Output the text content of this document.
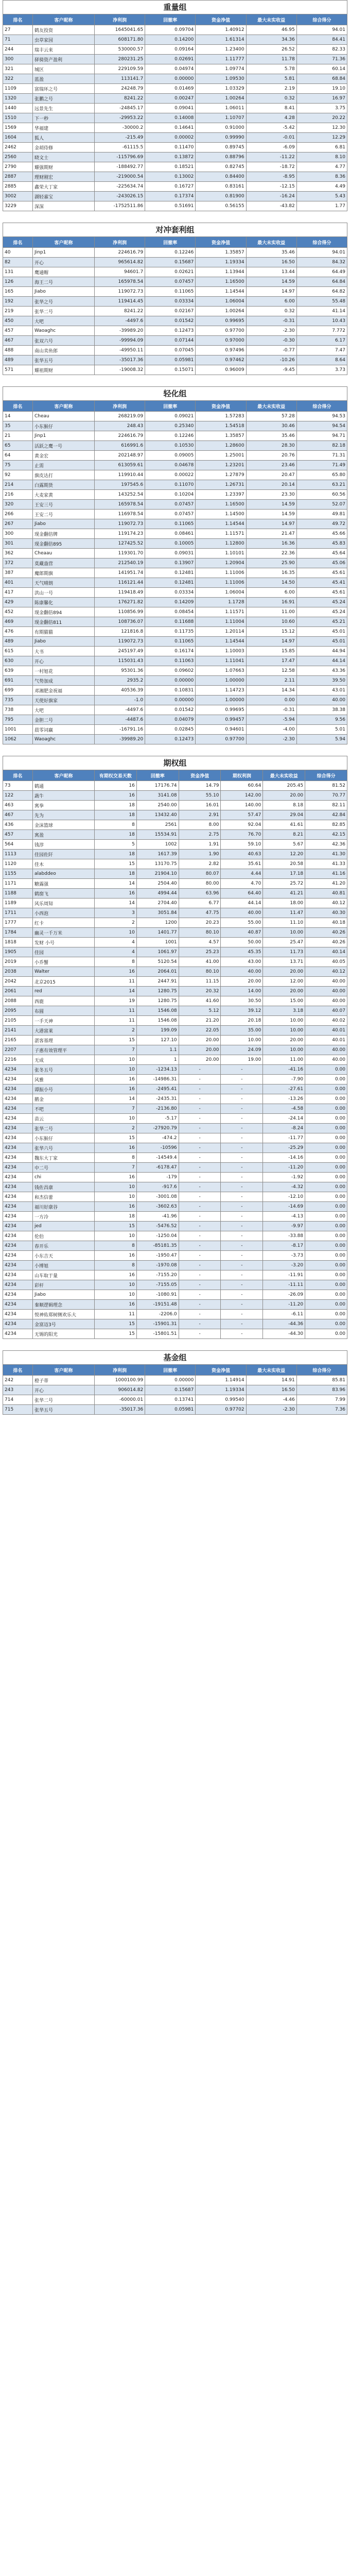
重量组
排名	客户昵称	净利润	回撤率	资金净值	最大未实收益	综合得分
27	鹤友投资	1645041.65	0.09704	1.40912	46.95	94.01
71	虫草家园	608171.80	0.14200	1.61314	34.36	84.41
244	瑞丰云来	530000.57	0.09164	1.23400	26.52	82.33
300	驿骑资产盈利	280231.25	0.02691	1.11777	11.78	71.36
321	城区	229109.59	0.04974	1.09774	5.78	60.14
322	蓝盈	113141.7	0.00000	1.09530	5.81	68.84
1109	富瑞环之号	24248.79	0.01469	1.03329	2.19	19.10
1320	张鹏之号	8241.22	0.00247	1.00264	0.32	16.97
1440	远景先生	-24845.17	0.09041	1.06011	8.41	3.75
1510	下一秒	-29953.22	0.14008	1.10707	4.28	20.22
1569	华福建	-30000.2	0.14641	0.91000	-5.42	12.30
1604	狐人	-215.49	0.00002	0.99990	-0.01	12.29
2462	金胡侍修	-61115.5	0.11470	0.89745	-6.09	6.81
2560	晓文士	-115796.69	0.13872	0.88796	-11.22	8.10
2790	耀强期财	-188492.77	0.18521	0.82745	-18.72	4.77
2887	理财刚宏	-219000.54	0.13002	0.84400	-8.95	8.36
2885	鑫荣大丁家	-225634.74	0.16727	0.83161	-12.15	4.49
3002	湖轻嘉宝	-243026.15	0.17374	0.81900	-16.24	5.43
3229	深深	-1752511.86	0.51691	0.56155	-43.82	1.77
对冲套利组
排名	客户昵称	净利润	回撤率	资金净值	最大未实收益	综合得分
40	Jinp1	224616.79	0.12246	1.35857	35.46	94.01
82	开心	965614.82	0.15687	1.19334	16.50	84.32
131	鹰通帽	94601.7	0.02621	1.13944	13.44	64.49
126	海王二号	165978.54	0.07457	1.16500	14.59	64.84
165	Jiabo	119072.73	0.11065	1.14544	14.97	64.82
192	张华之号	119414.45	0.03334	1.06004	6.00	55.48
219	张华二号	8241.22	0.02167	1.00264	0.32	41.14
450	大吧	-4497.6	0.01542	0.99695	-0.31	10.43
457	Waoaghc	-39989.20	0.12473	0.97700	-2.30	7.772
467	张双六号	-99994.09	0.07144	0.97000	-0.30	6.17
488	南山卖鱼郎	-49950.11	0.07045	0.97496	-0.77	7.47
489	张华五号	-35017.36	0.05981	0.97462	-10.26	8.64
571	耀祖期财	-19008.32	0.15071	0.96009	-9.45	3.73
轻化组
排名	客户昵称	净利润	回撤率	资金净值	最大未实收益	综合得分
14	Cheau	268219.09	0.09021	1.57283	57.28	94.53
35	小东猴仔	248.43	0.25340	1.54518	30.46	94.54
21	Jinp1	224616.79	0.12246	1.35857	35.46	94.71
65	活跃之鹰一号	616991.6	0.10530	1.28600	28.30	82.18
64	黄金宏	202148.97	0.09005	1.25001	20.76	71.31
75	止需	613059.61	0.04678	1.23201	23.46	71.49
92	旗皮达打	119910.44	0.00022	1.27879	20.47	65.80
214	白露期货	197545.6	0.11070	1.26731	20.14	63.21
216	大麦家黄	143252.54	0.10204	1.23397	23.30	60.56
320	王安三号	165978.54	0.07457	1.16500	14.59	52.07
266	王安二号	116978.54	0.07457	1.14500	14.59	49.81
267	Jiabo	119072.73	0.11065	1.14544	14.97	49.72
300	现金翻倍牌	119174.23	0.08461	1.11571	21.47	45.66
301	现金翻倍895	127425.52	0.10005	1.12800	16.36	45.83
362	Cheaau	119301.70	0.09031	1.10101	22.36	45.64
372	莫藏盎营	212540.19	0.13907	1.20904	25.90	45.06
387	魔郎期旗	141951.74	0.12481	1.11006	16.35	45.61
401	天气晴朗	116121.44	0.12481	1.11006	14.50	45.41
417	洪山一号	119418.49	0.03334	1.06004	6.00	45.61
429	陈康馨化	176271.82	0.14209	1.1728	16.91	45.24
452	现金翻倍894	110856.99	0.08454	1.11571	11.00	45.24
469	现金翻倍811	108736.07	0.11688	1.11004	10.60	45.21
476	有期猫猫	121816.8	0.11735	1.20114	15.12	45.01
489	Jiabo	119072.73	0.11065	1.14544	14.97	45.01
615	大书	245197.49	0.16174	1.10003	15.85	44.94
630	开心	115031.43	0.11063	1.11041	17.47	44.14
639	一村旭花	95301.36	0.09602	1.07663	12.58	43.36
691	气势加成	2935.2	0.00000	1.00000	2.11	39.50
699	邓湘肥金祝福	40536.39	0.10831	1.14723	14.34	43.01
735	天使好旗家	-1.0	0.00000	1.00000	0.00	40.00
738	大吧	-4497.6	0.01542	0.99695	-0.31	38.38
795	金胆二号	-4487.6	0.04079	0.99457	-5.94	9.56
1001	晨零词赢	-16791.16	0.02845	0.94601	-4.00	5.01
1062	Waoaghc	-39989.20	0.12473	0.97700	-2.30	5.94
期权组
排名	客户昵称	有期权交易天数	回撤率	资金净值	期权利润	最大未实收益	综合得分
73	鹤通	16	17176.74	14.79	60.64	205.45	81.52
122	蔬牛	16	3141.08	55.10	142.00	20.00	70.77
463	寓拳	18	2540.00	16.01	140.00	8.18	82.11
467	先为	18	13432.40	2.91	57.47	29.04	42.84
436	金沫篮球	8	2561	8.00	92.04	41.61	82.85
457	寓盈	18	15534.91	2.75	76.70	8.21	42.15
564	钱淳	5	1002	1.91	59.10	5.67	42.36
1113	佳园佐阡	18	1617.39	1.90	40.63	12.20	41.30
1120	佳木	15	13170.75	2.82	35.61	20.58	41.33
1155	alabddeo	18	21904.10	80.07	4.44	17.18	41.16
1171	糖露强	14	2504.40	80.00	4.70	25.72	41.20
1188	鹤窗飞	16	4994.44	63.96	64.40	41.21	40.81
1189	风乐周知	14	2704.40	6.77	44.14	18.00	40.12
1711	小西泡	3	3051.84	47.75	40.00	11.47	40.30
1777	红卡	2	1200	20.23	55.00	11.10	40.18
1784	幽灵一千万米	10	1401.77	80.10	40.87	10.00	40.26
1818	发财 小号	4	1001	4.57	50.00	25.47	40.26
1905	佳园	4	1061.97	25.23	45.35	11.73	40.14
2019	小乔蟹	8	5120.54	41.00	43.00	13.71	40.05
2038	Walter	16	2064.01	80.10	40.00	20.00	40.12
2042	北京2015	11	2447.91	11.15	20.00	12.00	40.00
2061	red	14	1280.75	20.32	14.00	20.00	40.00
2088	西鹿	19	1280.75	41.60	30.50	15.00	40.00
2095	布圆	11	1546.08	5.12	39.12	3.18	40.07
2105	一手天神	11	1546.08	21.20	20.18	10.00	40.02
2141	大港富莱	2	199.09	22.05	35.00	10.00	40.01
2165	湛客基理	15	127.10	20.00	10.00	20.00	40.01
2207	子惠有效管理平	7	1.1	20.00	24.09	10.00	40.00
2216	无成	10	1	20.00	19.00	11.00	40.00
4234	张冬五号	10	-1234.13	-	-	-41.16	0.00
4234	风雅	16	-14986.31	-	-	-7.90	0.00
4234	谭振小号	16	-2495.41	-	-	-27.61	0.00
4234	鹅金	14	-2435.31	-	-	-13.26	0.00
4234	不吧	7	-2136.80	-	-	-4.58	0.00
4234	苗云	10	-5.17	-	-	-24.14	0.00
4234	张华二号	2	-27920.79	-	-	-8.24	0.00
4234	小东猴仔	15	-474.2	-	-	-11.77	0.00
4234	张华六号	16	-10596	-	-	-25.29	0.00
4234	魏东大丁家	8	-14549.4	-	-	-14.16	0.00
4234	中二号	7	-6178.47	-	-	-11.20	0.00
4234	chi	16	-179	-	-	-1.92	0.00
4234	钱佐昌康	10	-917.6	-	-	-4.32	0.00
4234	和杰信蕾	10	-3001.08	-	-	-12.10	0.00
4234	福川好康谷	16	-3602.63	-	-	-14.69	0.00
4234	一方冷	18	-41.96	-	-	-4.13	0.00
4234	jed	15	-5476.52	-	-	-9.97	0.00
4234	伦伯	10	-1250.04	-	-	-33.88	0.00
4234	春开乐	8	-85181.35	-	-	-8.17	0.00
4234	小东吉天	16	-1950.47	-	-	-3.73	0.00
4234	小博旭	8	-1970.08	-	-	-3.20	0.00
4234	山车取于量	16	-7155.20	-	-	-11.91	0.00
4234	彩杆	10	-7155.05	-	-	-11.11	0.00
4234	Jiabo	10	-1080.91	-	-	-26.09	0.00
4234	秦顺逻辑理念	16	-19151.48	-	-	-11.20	0.00
4234	悦神佑郑树侧欢乐大	11	-2206.0	-	-	-6.11	0.00
4234	金富迈3号	15	-15901.31	-	-	-44.36	0.00
4234	无锡的阳光	15	-15801.51	-	-	-44.30	0.00
基金组
排名	客户昵称	净利润	回撤率	资金净值	最大未实收益	综合得分
242	橙子蒂	1000100.99	0.00000	1.14914	14.91	85.81
243	开心	906014.82	0.15687	1.19334	16.50	83.96
714	张华二号	-60000.01	0.13741	0.99540	-4.46	7.99
715	张华五号	-35017.36	0.05981	0.97702	-2.30	7.36
